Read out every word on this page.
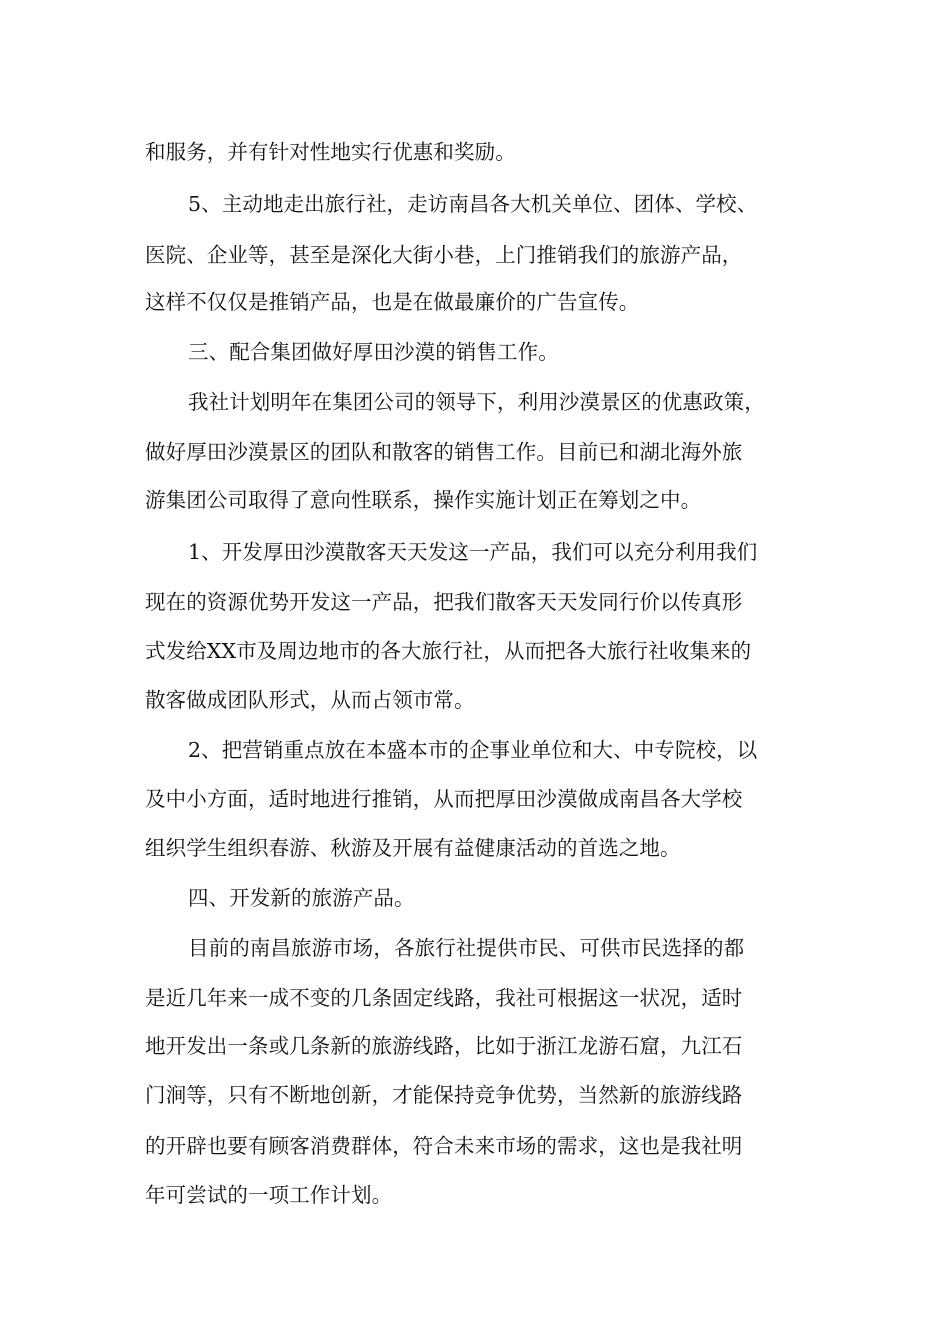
和服务，并有针对性地实行优惠和奖励。
5、主动地走出旅行社，走访南昌各大机关单位、团体、学校、
医院、企业等，甚至是深化大街小巷，上门推销我们的旅游产品，
这样不仅仅是推销产品，也是在做最廉价的广告宣传。
三、配合集团做好厚田沙漠的销售工作。
我社计划明年在集团公司的领导下，利用沙漠景区的优惠政策，
做好厚田沙漠景区的团队和散客的销售工作。目前已和湖北海外旅
游集团公司取得了意向性联系，操作实施计划正在筹划之中。
1、开发厚田沙漠散客天天发这一产品，我们可以充分利用我们
现在的资源优势开发这一产品，把我们散客天天发同行价以传真形
式发给XX市及周边地市的各大旅行社，从而把各大旅行社收集来的
散客做成团队形式，从而占领市常。
2、把营销重点放在本盛本市的企事业单位和大、中专院校，以
及中小方面，适时地进行推销，从而把厚田沙漠做成南昌各大学校
组织学生组织春游、秋游及开展有益健康活动的首选之地。
四、开发新的旅游产品。
目前的南昌旅游市场，各旅行社提供市民、可供市民选择的都
是近几年来一成不变的几条固定线路，我社可根据这一状况，适时
地开发出一条或几条新的旅游线路，比如于浙江龙游石窟，九江石
门涧等，只有不断地创新，才能保持竞争优势，当然新的旅游线路
的开辟也要有顾客消费群体，符合未来市场的需求，这也是我社明
年可尝试的一项工作计划。
